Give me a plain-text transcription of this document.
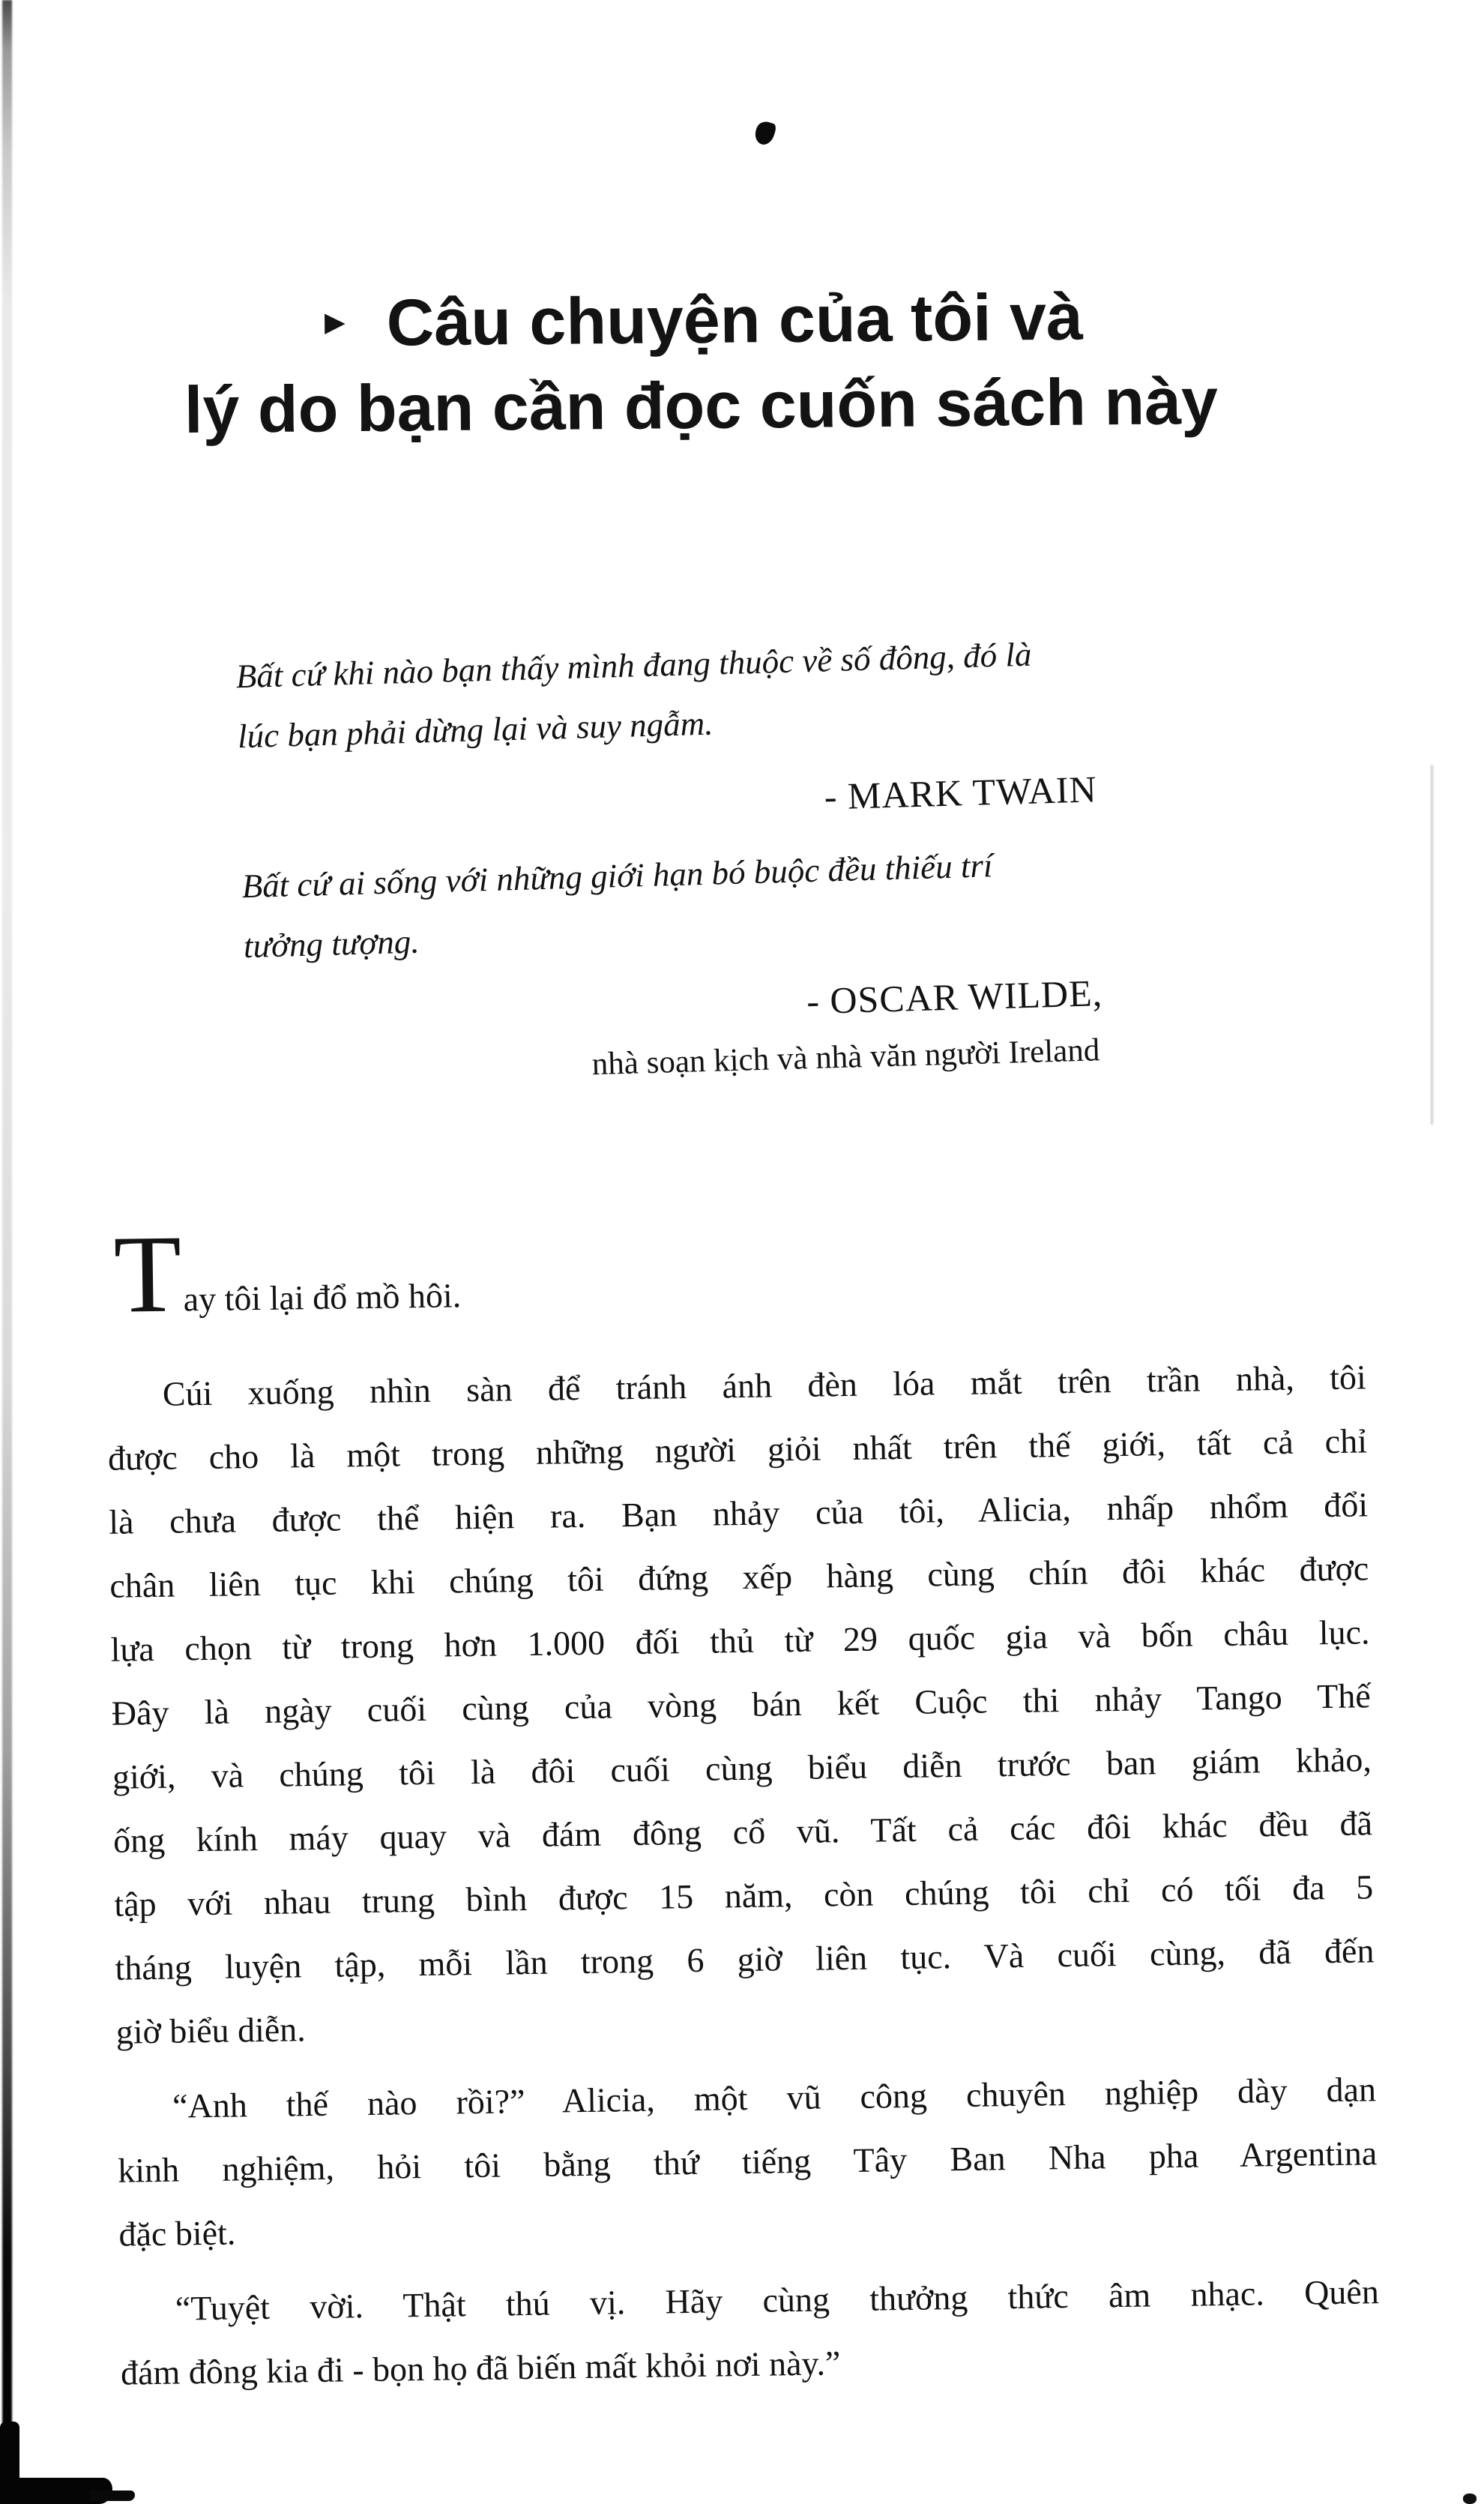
► Câu chuyện của tôi và
lý do bạn cần đọc cuốn sách này
Bất cứ khi nào bạn thấy mình đang thuộc về số đông, đó là
lúc bạn phải dừng lại và suy ngẫm.
- MARK TWAIN
Bất cứ ai sống với những giới hạn bó buộc đều thiếu trí
tưởng tượng.
- OSCAR WILDE,
nhà soạn kịch và nhà văn người Ireland
Tay tôi lại đổ mồ hôi.
Cúi xuống nhìn sàn để tránh ánh đèn lóa mắt trên trần nhà, tôi
được cho là một trong những người giỏi nhất trên thế giới, tất cả chỉ
là chưa được thể hiện ra. Bạn nhảy của tôi, Alicia, nhấp nhổm đổi
chân liên tục khi chúng tôi đứng xếp hàng cùng chín đôi khác được
lựa chọn từ trong hơn 1.000 đối thủ từ 29 quốc gia và bốn châu lục.
Đây là ngày cuối cùng của vòng bán kết Cuộc thi nhảy Tango Thế
giới, và chúng tôi là đôi cuối cùng biểu diễn trước ban giám khảo,
ống kính máy quay và đám đông cổ vũ. Tất cả các đôi khác đều đã
tập với nhau trung bình được 15 năm, còn chúng tôi chỉ có tối đa 5
tháng luyện tập, mỗi lần trong 6 giờ liên tục. Và cuối cùng, đã đến
giờ biểu diễn.
“Anh thế nào rồi?” Alicia, một vũ công chuyên nghiệp dày dạn
kinh nghiệm, hỏi tôi bằng thứ tiếng Tây Ban Nha pha Argentina
đặc biệt.
“Tuyệt vời. Thật thú vị. Hãy cùng thưởng thức âm nhạc. Quên
đám đông kia đi - bọn họ đã biến mất khỏi nơi này.”
